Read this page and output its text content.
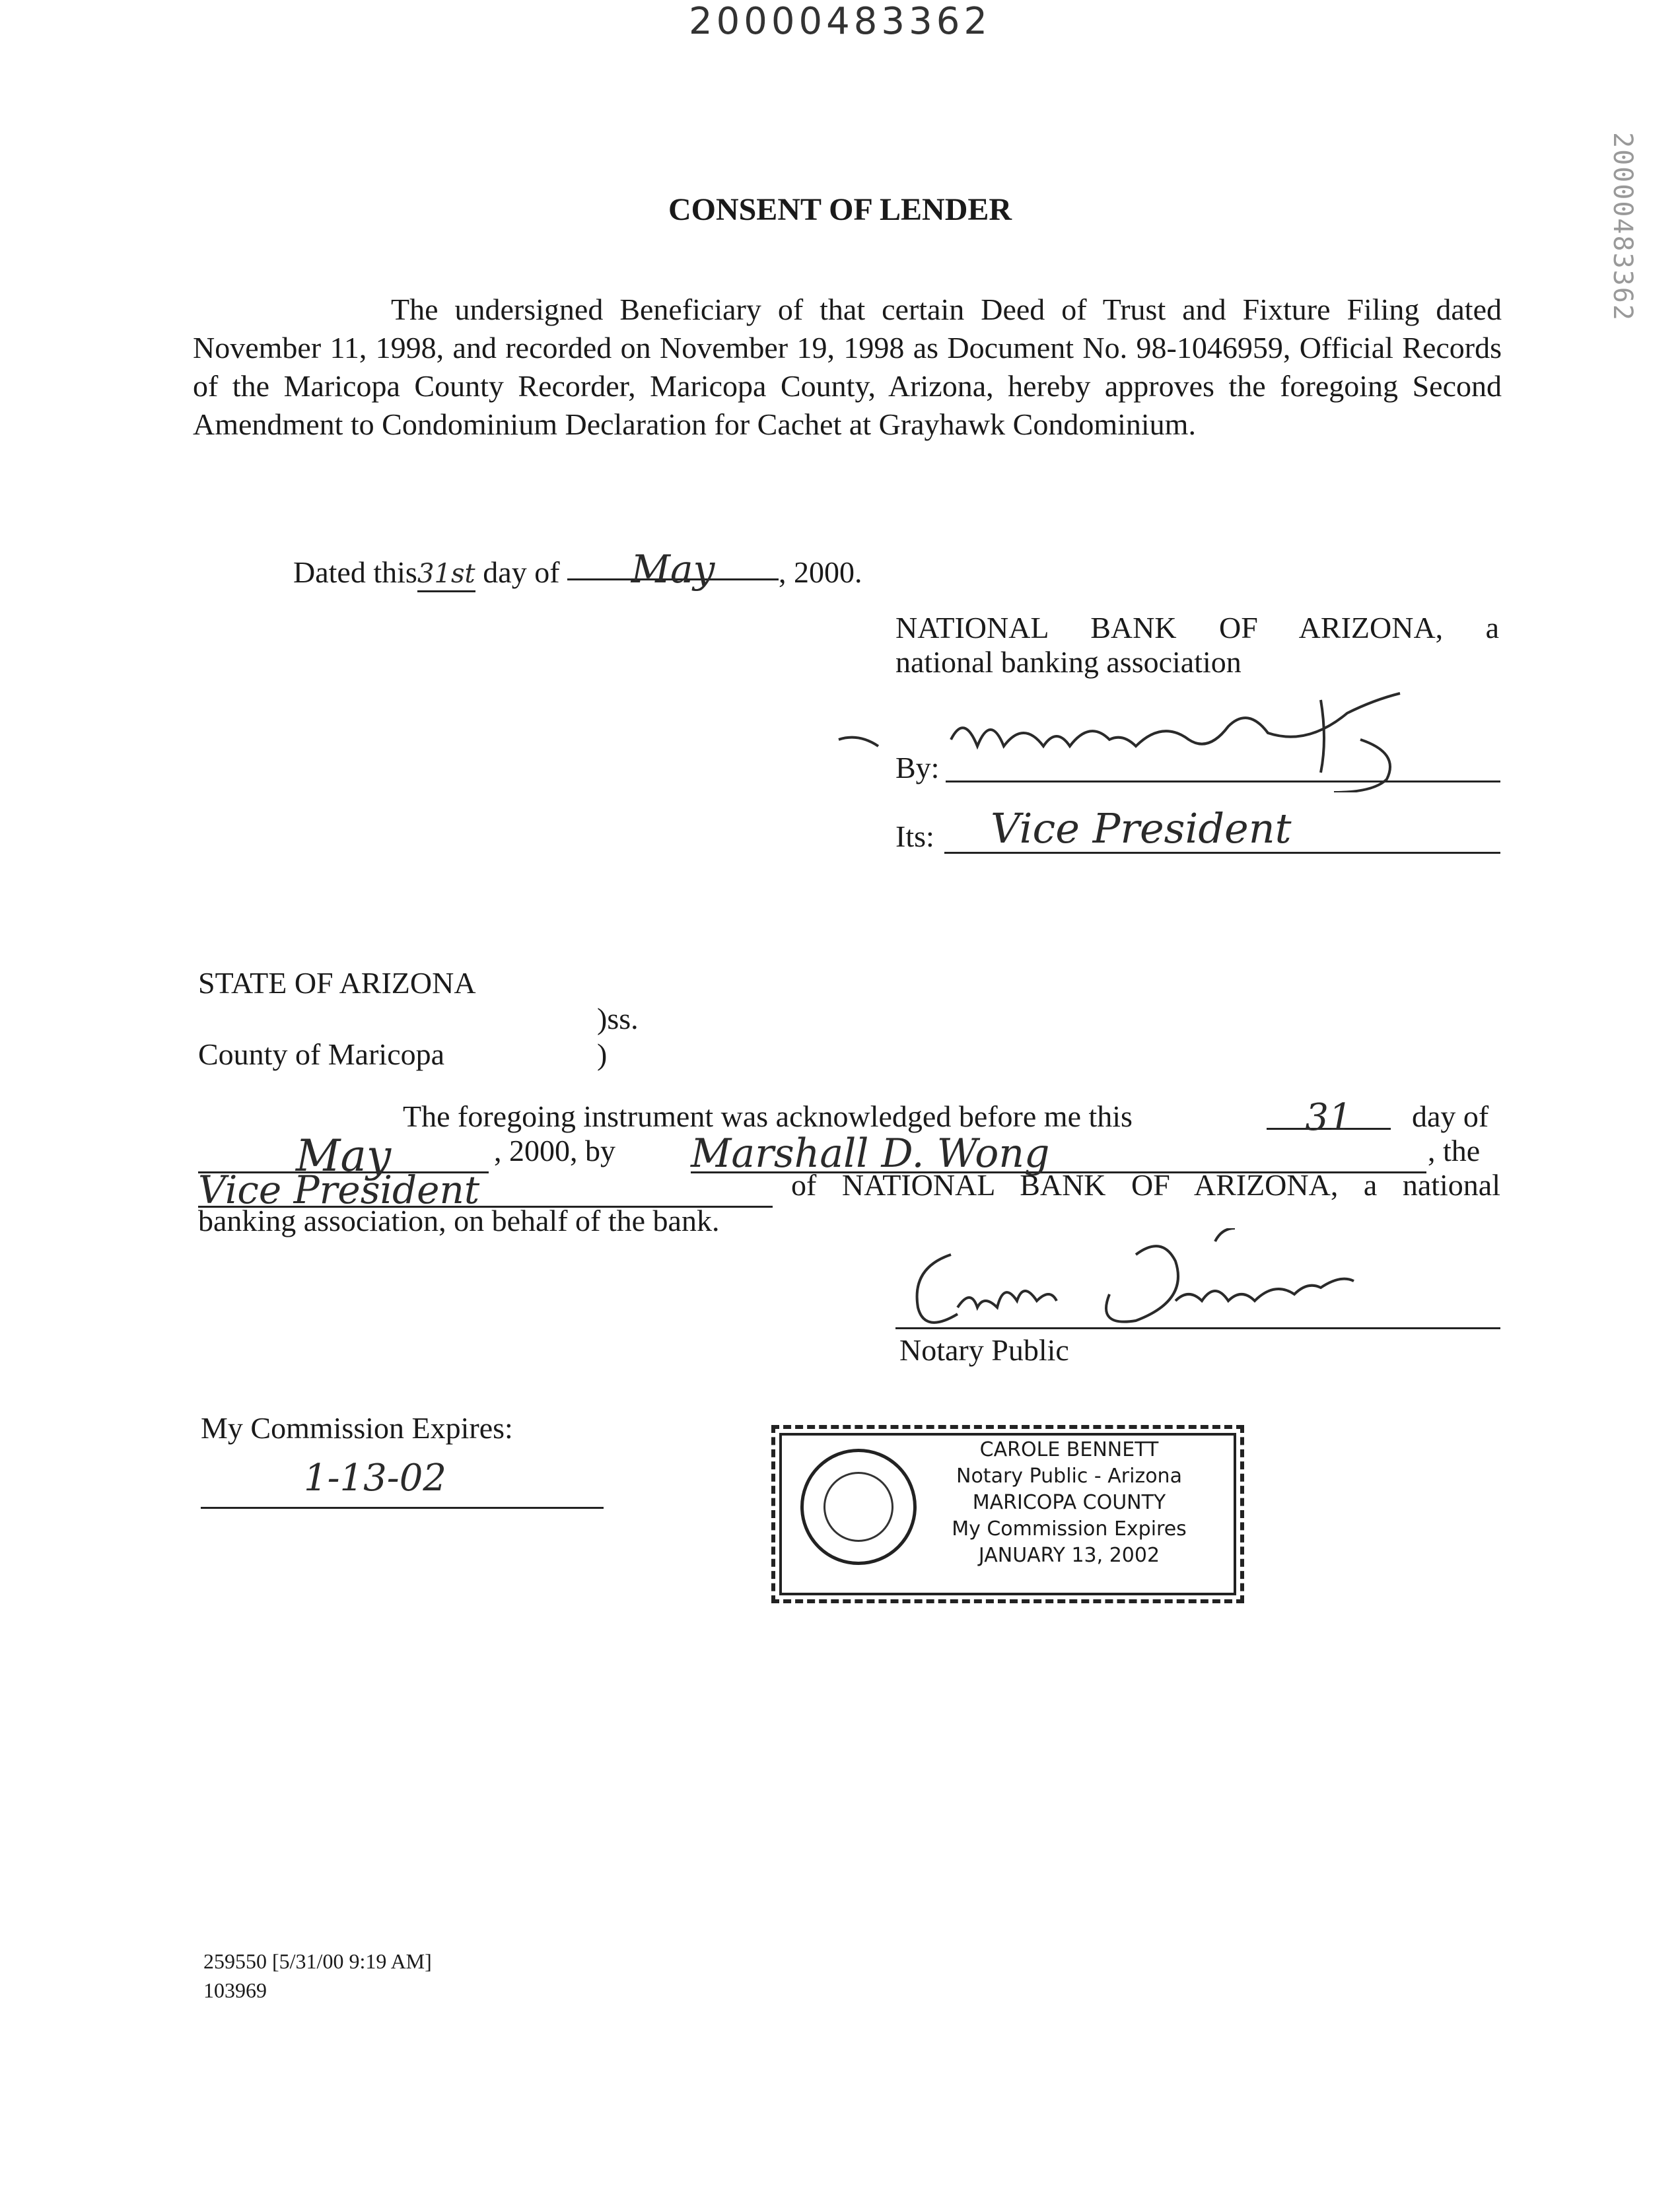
20000483362
20000483362
CONSENT OF LENDER
The undersigned Beneficiary of that certain Deed of Trust and Fixture Filing dated November 11, 1998, and recorded on November 19, 1998 as Document No. 98-1046959, Official Records of the Maricopa County Recorder, Maricopa County, Arizona, hereby approves the foregoing Second Amendment to Condominium Declaration for Cachet at Grayhawk Condominium.
Dated this31st day of May , 2000.
NATIONAL BANK OF ARIZONA, a
national banking association
By:
Its: Vice President
STATE OF ARIZONA
)ss.
County of Maricopa	)
The foregoing instrument was acknowledged before me this	31	day of
May	, 2000, by Marshall D. Wong	, the
Vice President	of NATIONAL BANK OF ARIZONA, a national
banking association, on behalf of the bank.
Notary Public
My Commission Expires:
1-13-02
CAROLE BENNETT
Notary Public - Arizona
MARICOPA COUNTY
My Commission Expires
JANUARY 13, 2002
259550 [5/31/00 9:19 AM]
103969
